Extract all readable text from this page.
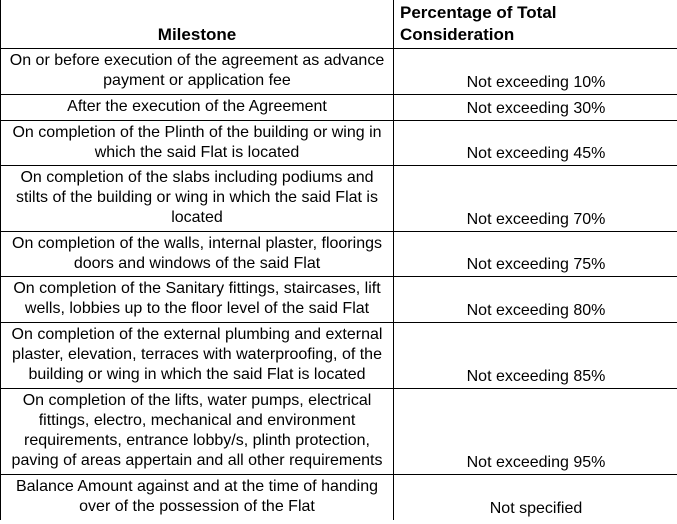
Milestone	Percentage of Total
Consideration
On or before execution of the agreement as advance payment or application fee	Not exceeding 10%
After the execution of the Agreement	Not exceeding 30%
On completion of the Plinth of the building or wing in which the said Flat is located	Not exceeding 45%
On completion of the slabs including podiums and stilts of the building or wing in which the said Flat is located	Not exceeding 70%
On completion of the walls, internal plaster, floorings doors and windows of the said Flat	Not exceeding 75%
On completion of the Sanitary fittings, staircases, lift wells, lobbies up to the floor level of the said Flat	Not exceeding 80%
On completion of the external plumbing and external plaster, elevation, terraces with waterproofing, of the building or wing in which the said Flat is located	Not exceeding 85%
On completion of the lifts, water pumps, electrical fittings, electro, mechanical and environment requirements, entrance lobby/s, plinth protection, paving of areas appertain and all other requirements	Not exceeding 95%
Balance Amount against and at the time of handing over of the possession of the Flat	Not specified
